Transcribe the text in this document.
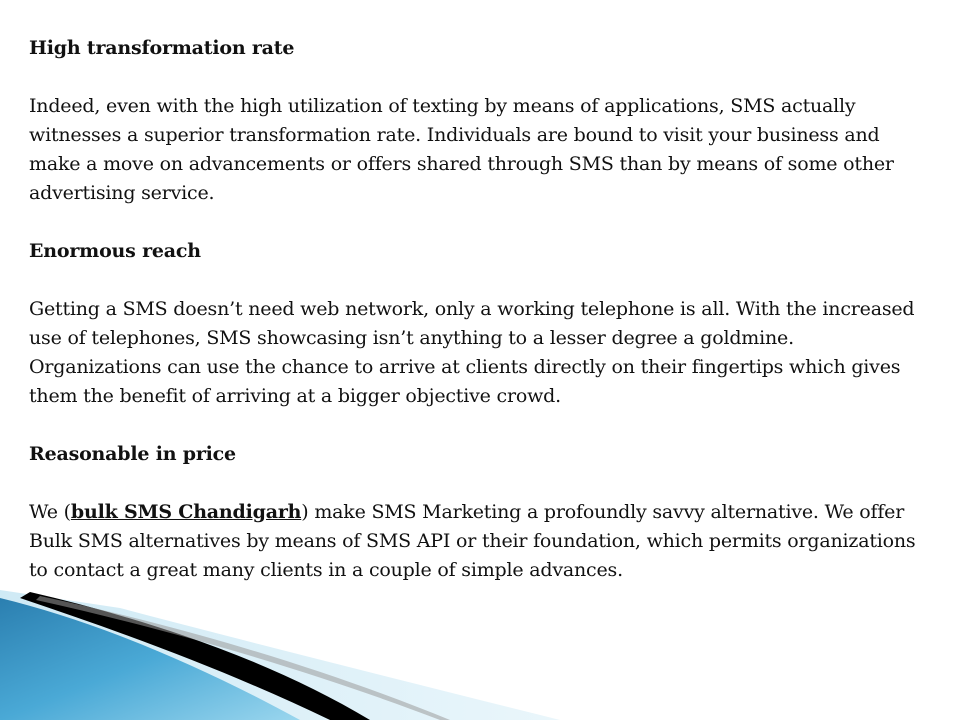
High transformation rate

Indeed, even with the high utilization of texting by means of applications, SMS actually witnesses a superior transformation rate. Individuals are bound to visit your business and make a move on advancements or offers shared through SMS than by means of some other advertising service.

Enormous reach

Getting a SMS doesn’t need web network, only a working telephone is all. With the increased use of telephones, SMS showcasing isn’t anything to a lesser degree a goldmine. Organizations can use the chance to arrive at clients directly on their fingertips which gives them the benefit of arriving at a bigger objective crowd.

Reasonable in price

We (bulk SMS Chandigarh) make SMS Marketing a profoundly savvy alternative. We offer Bulk SMS alternatives by means of SMS API or their foundation, which permits organizations to contact a great many clients in a couple of simple advances.
